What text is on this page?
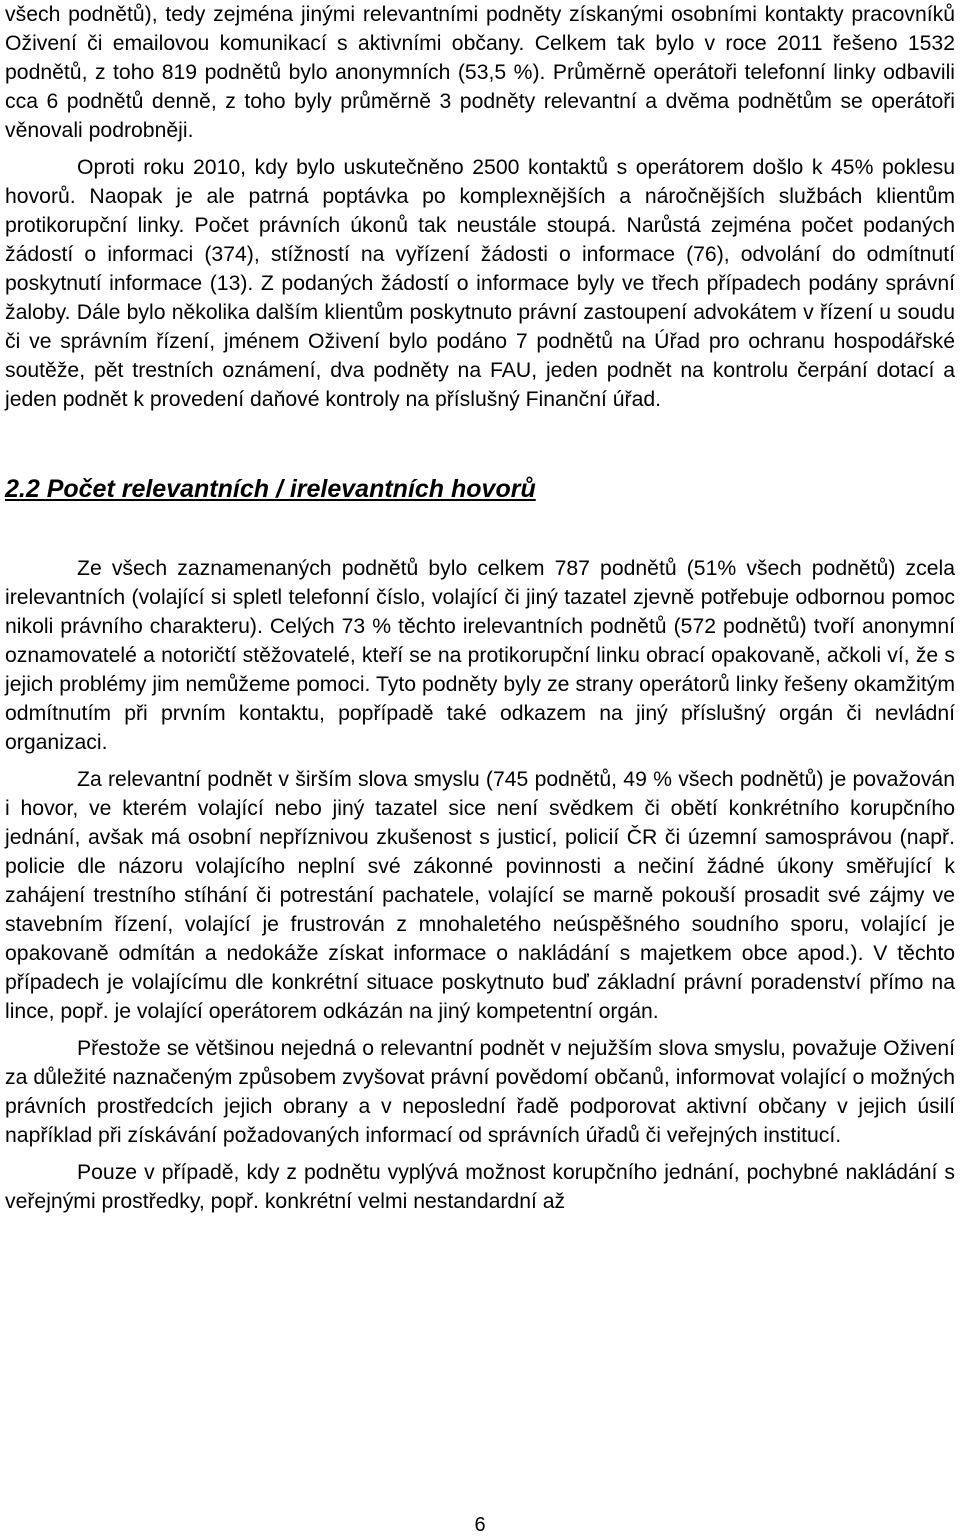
všech podnětů), tedy zejména jinými relevantními podněty získanými osobními kontakty pracovníků Oživení či emailovou komunikací s aktivními občany. Celkem tak bylo v roce 2011 řešeno 1532 podnětů, z toho 819 podnětů bylo anonymních (53,5 %). Průměrně operátoři telefonní linky odbavili cca 6 podnětů denně, z toho byly průměrně 3 podněty relevantní a dvěma podnětům se operátoři věnovali podrobněji.

Oproti roku 2010, kdy bylo uskutečněno 2500 kontaktů s operátorem došlo k 45% poklesu hovorů. Naopak je ale patrná poptávka po komplexnějších a náročnějších službách klientům protikorupční linky. Počet právních úkonů tak neustále stoupá. Narůstá zejména počet podaných žádostí o informaci (374), stížností na vyřízení žádosti o informace (76), odvolání do odmítnutí poskytnutí informace (13). Z podaných žádostí o informace byly ve třech případech podány správní žaloby. Dále bylo několika dalším klientům poskytnuto právní zastoupení advokátem v řízení u soudu či ve správním řízení, jménem Oživení bylo podáno 7 podnětů na Úřad pro ochranu hospodářské soutěže, pět trestních oznámení, dva podněty na FAU, jeden podnět na kontrolu čerpání dotací a jeden podnět k provedení daňové kontroly na příslušný Finanční úřad.

2.2 Počet relevantních / irelevantních hovorů

Ze všech zaznamenaných podnětů bylo celkem 787 podnětů (51% všech podnětů) zcela irelevantních (volající si spletl telefonní číslo, volající či jiný tazatel zjevně potřebuje odbornou pomoc nikoli právního charakteru). Celých 73 % těchto irelevantních podnětů (572 podnětů) tvoří anonymní oznamovatelé a notoričtí stěžovatelé, kteří se na protikorupční linku obrací opakovaně, ačkoli ví, že s jejich problémy jim nemůžeme pomoci. Tyto podněty byly ze strany operátorů linky řešeny okamžitým odmítnutím při prvním kontaktu, popřípadě také odkazem na jiný příslušný orgán či nevládní organizaci.

Za relevantní podnět v širším slova smyslu (745 podnětů, 49 % všech podnětů) je považován i hovor, ve kterém volající nebo jiný tazatel sice není svědkem či obětí konkrétního korupčního jednání, avšak má osobní nepříznivou zkušenost s justicí, policií ČR či územní samosprávou (např. policie dle názoru volajícího neplní své zákonné povinnosti a nečiní žádné úkony směřující k zahájení trestního stíhání či potrestání pachatele, volající se marně pokouší prosadit své zájmy ve stavebním řízení, volající je frustrován z mnohaletého neúspěšného soudního sporu, volající je opakovaně odmítán a nedokáže získat informace o nakládání s majetkem obce apod.). V těchto případech je volajícímu dle konkrétní situace poskytnuto buď základní právní poradenství přímo na lince, popř. je volající operátorem odkázán na jiný kompetentní orgán.

Přestože se většinou nejedná o relevantní podnět v nejužším slova smyslu, považuje Oživení za důležité naznačeným způsobem zvyšovat právní povědomí občanů, informovat volající o možných právních prostředcích jejich obrany a v neposlední řadě podporovat aktivní občany v jejich úsilí například při získávání požadovaných informací od správních úřadů či veřejných institucí.

Pouze v případě, kdy z podnětu vyplývá možnost korupčního jednání, pochybné nakládání s veřejnými prostředky, popř. konkrétní velmi nestandardní až

6
